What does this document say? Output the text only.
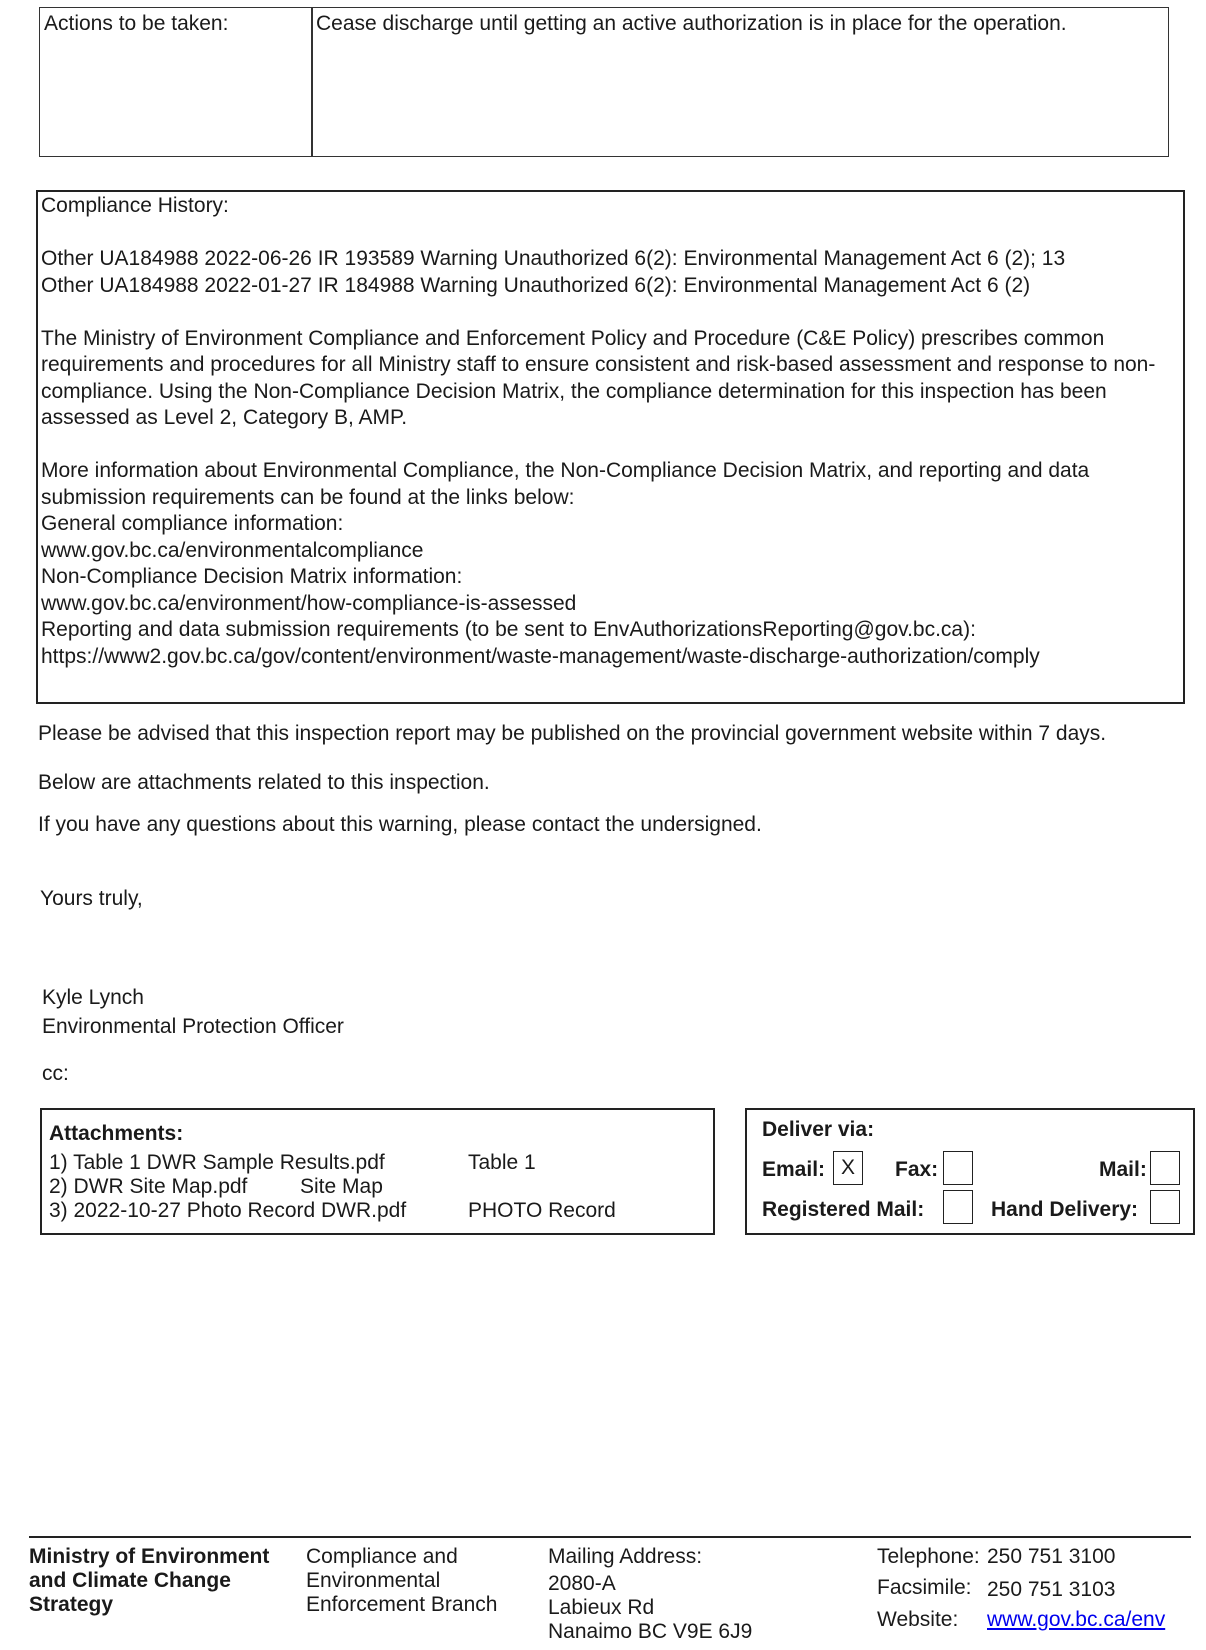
Actions to be taken:	Cease discharge until getting an active authorization is in place for the operation.
Compliance History:

Other UA184988 2022-06-26 IR 193589 Warning Unauthorized 6(2): Environmental Management Act 6 (2); 13
Other UA184988 2022-01-27 IR 184988 Warning Unauthorized 6(2): Environmental Management Act 6 (2)

The Ministry of Environment Compliance and Enforcement Policy and Procedure (C&E Policy) prescribes common
requirements and procedures for all Ministry staff to ensure consistent and risk-based assessment and response to non-
compliance. Using the Non-Compliance Decision Matrix, the compliance determination for this inspection has been
assessed as Level 2, Category B, AMP.

More information about Environmental Compliance, the Non-Compliance Decision Matrix, and reporting and data
submission requirements can be found at the links below:
General compliance information:
www.gov.bc.ca/environmentalcompliance
Non-Compliance Decision Matrix information:
www.gov.bc.ca/environment/how-compliance-is-assessed
Reporting and data submission requirements (to be sent to EnvAuthorizationsReporting@gov.bc.ca):
https://www2.gov.bc.ca/gov/content/environment/waste-management/waste-discharge-authorization/comply
Please be advised that this inspection report may be published on the provincial government website within 7 days.
Below are attachments related to this inspection.
If you have any questions about this warning, please contact the undersigned.
Yours truly,
Kyle Lynch
Environmental Protection Officer
cc:
Attachments:
1) Table 1 DWR Sample Results.pdf	Table 1
2) DWR Site Map.pdf	Site Map
3) 2022-10-27 Photo Record DWR.pdf	PHOTO Record
Deliver via:
Email: X	Fax:	Mail:
Registered Mail:	Hand Delivery:
Ministry of Environment
and Climate Change
Strategy
Compliance and
Environmental
Enforcement Branch
Mailing Address:
2080-A
Labieux Rd
Nanaimo BC V9E 6J9
Telephone: 250 751 3100
Facsimile: 250 751 3103
Website: www.gov.bc.ca/env
